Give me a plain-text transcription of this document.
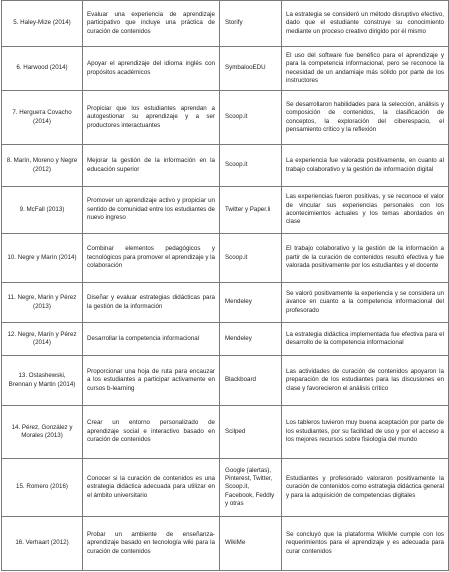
5. Haley-Mize (2014)	Evaluar una experiencia de aprendizaje participativo que incluye una práctica de curación de contenidos	Storify	La estrategia se consideró un método disruptivo efectivo, dado que el estudiante construye su conocimiento mediante un proceso creativo dirigido por él mismo
6. Harwood (2014)	Apoyar el aprendizaje del idioma inglés con propósitos académicos	SymbalooEDU	El uso del software fue benéfico para el aprendizaje y para la competencia informacional, pero se reconoce la necesidad de un andamiaje más sólido por parte de los instructores
7. Herguета Covacho (2014)	Propiciar que los estudiantes aprendan a autogestionar su aprendizaje y a ser productores interactuantes	Scoop.it	Se desarrollaron habilidades para la selección, análisis y composición de contenidos, la clasificación de conceptos, la exploración del ciberespacio, el pensamiento crítico y la reflexión
8. Marín, Moreno y Negre (2012)	Mejorar la gestión de la información en la educación superior	Scoop.it	La experiencia fue valorada positivamente, en cuanto al trabajo colaborativo y la gestión de información digital
9. McFall (2013)	Promover un aprendizaje activo y propiciar un sentido de comunidad entre los estudiantes de nuevo ingreso	Twitter y Paper.li	Las experiencias fueron positivas, y se reconoce el valor de vincular sus experiencias personales con los acontecimientos actuales y los temas abordados en clase
10. Negre y Marín (2014)	Combinar elementos pedagógicos y tecnológicos para promover el aprendizaje y la colaboración	Scoop.it	El trabajo colaborativo y la gestión de la información a partir de la curación de contenidos resultó efectiva y fue valorada positivamente por los estudiantes y el docente
11. Negre, Marín y Pérez (2013)	Diseñar y evaluar estrategias didácticas para la gestión de la información	Mendeley	Se valoró positivamente la experiencia y se considera un avance en cuanto a la competencia informacional del profesorado
12. Negre, Marín y Pérez (2014)	Desarrollar la competencia informacional	Mendeley	La estrategia didáctica implementada fue efectiva para el desarrollo de la competencia informacional
13. Ostashewski, Brennan y Martin (2014)	Proporcionar una hoja de ruta para encauzar a los estudiantes a participar activamente en cursos b-learning	Blackboard	Las actividades de curación de contenidos apoyaron la preparación de los estudiantes para las discusiones en clase y favorecieron el análisis crítico
14. Pérez, González y Morales (2013)	Crear un entorno personalizado de aprendizaje social e interactivo basado en curación de contenidos	Scilped	Los tableros tuvieron muy buena aceptación por parte de los estudiantes, por su facilidad de uso y por el acceso a los mejores recursos sobre fisiología del mundo
15. Romero (2016)	Conocer si la curación de contenidos es una estrategia didáctica adecuada para utilizar en el ámbito universitario	Google (alertas), Pinterest, Twitter, Scoop.it, Facebook, Feddly y otras	Estudiantes y profesorado valoraron positivamente la curación de contenidos como estrategia didáctica general y para la adquisición de competencias digitales
16. Verhaart (2012)	Probar un ambiente de enseñanza-aprendizaje basado en tecnología wiki para la curación de contenidos	WikiMe	Se concluyó que la plataforma WikiMe cumple con los requerimientos para el aprendizaje y es adecuada para curar contenidos
